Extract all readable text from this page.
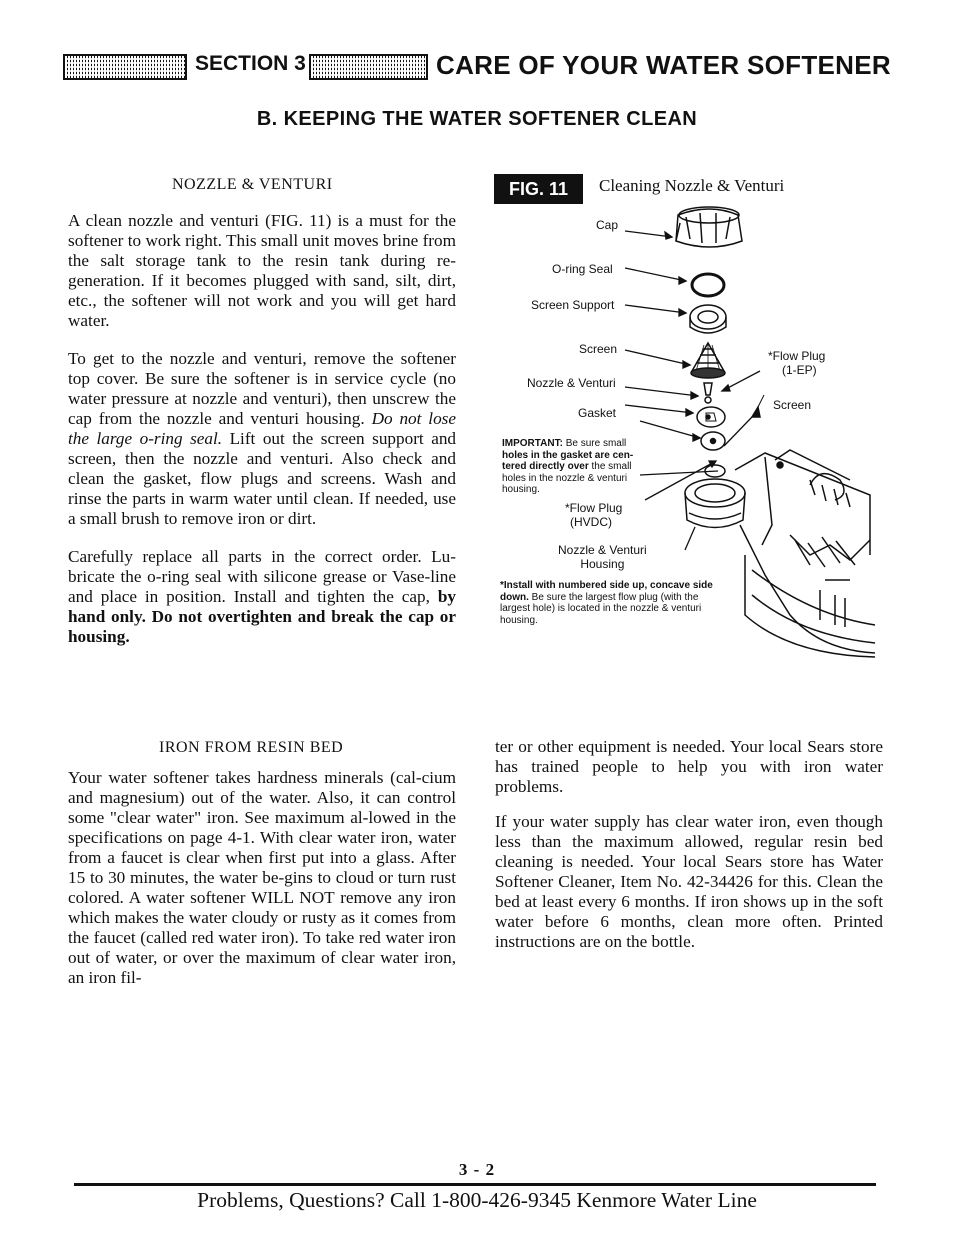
SECTION 3	CARE OF YOUR WATER SOFTENER
B. KEEPING THE WATER SOFTENER CLEAN
NOZZLE & VENTURI

A clean nozzle and venturi (FIG. 11) is a must for the softener to work right. This small unit moves brine from the salt storage tank to the resin tank during re-generation. If it becomes plugged with sand, silt, dirt, etc., the softener will not work and you will get hard water.

To get to the nozzle and venturi, remove the softener top cover. Be sure the softener is in service cycle (no water pressure at nozzle and venturi), then unscrew the cap from the nozzle and venturi housing. Do not lose the large o-ring seal. Lift out the screen support and screen, then the nozzle and venturi. Also check and clean the gasket, flow plugs and screens. Wash and rinse the parts in warm water until clean. If needed, use a small brush to remove iron or dirt.

Carefully replace all parts in the correct order. Lu-bricate the o-ring seal with silicone grease or Vase-line and place in position. Install and tighten the cap, by hand only. Do not overtighten and break the cap or housing.

FIG. 11	Cleaning Nozzle & Venturi
Cap
O-ring Seal
Screen Support
Screen
Nozzle & Venturi
Gasket
*Flow Plug
(1-EP)
Screen
*Flow Plug
(HVDC)
Nozzle & Venturi
Housing
IMPORTANT: Be sure small holes in the gasket are cen-tered directly over the small holes in the nozzle & venturi housing.
*Install with numbered side up, concave side down. Be sure the largest flow plug (with the largest hole) is located in the nozzle & venturi housing.
IRON FROM RESIN BED
Your water softener takes hardness minerals (cal-cium and magnesium) out of the water. Also, it can control some "clear water" iron. See maximum al-lowed in the specifications on page 4-1. With clear water iron, water from a faucet is clear when first put into a glass. After 15 to 30 minutes, the water be-gins to cloud or turn rust colored. A water softener WILL NOT remove any iron which makes the water cloudy or rusty as it comes from the faucet (called red water iron). To take red water iron out of water, or over the maximum of clear water iron, an iron fil-
ter or other equipment is needed. Your local Sears store has trained people to help you with iron water problems.
If your water supply has clear water iron, even though less than the maximum allowed, regular resin bed cleaning is needed. Your local Sears store has Water Softener Cleaner, Item No. 42-34426 for this. Clean the bed at least every 6 months. If iron shows up in the soft water before 6 months, clean more often. Printed instructions are on the bottle.
3 - 2
Problems, Questions? Call 1-800-426-9345 Kenmore Water Line
